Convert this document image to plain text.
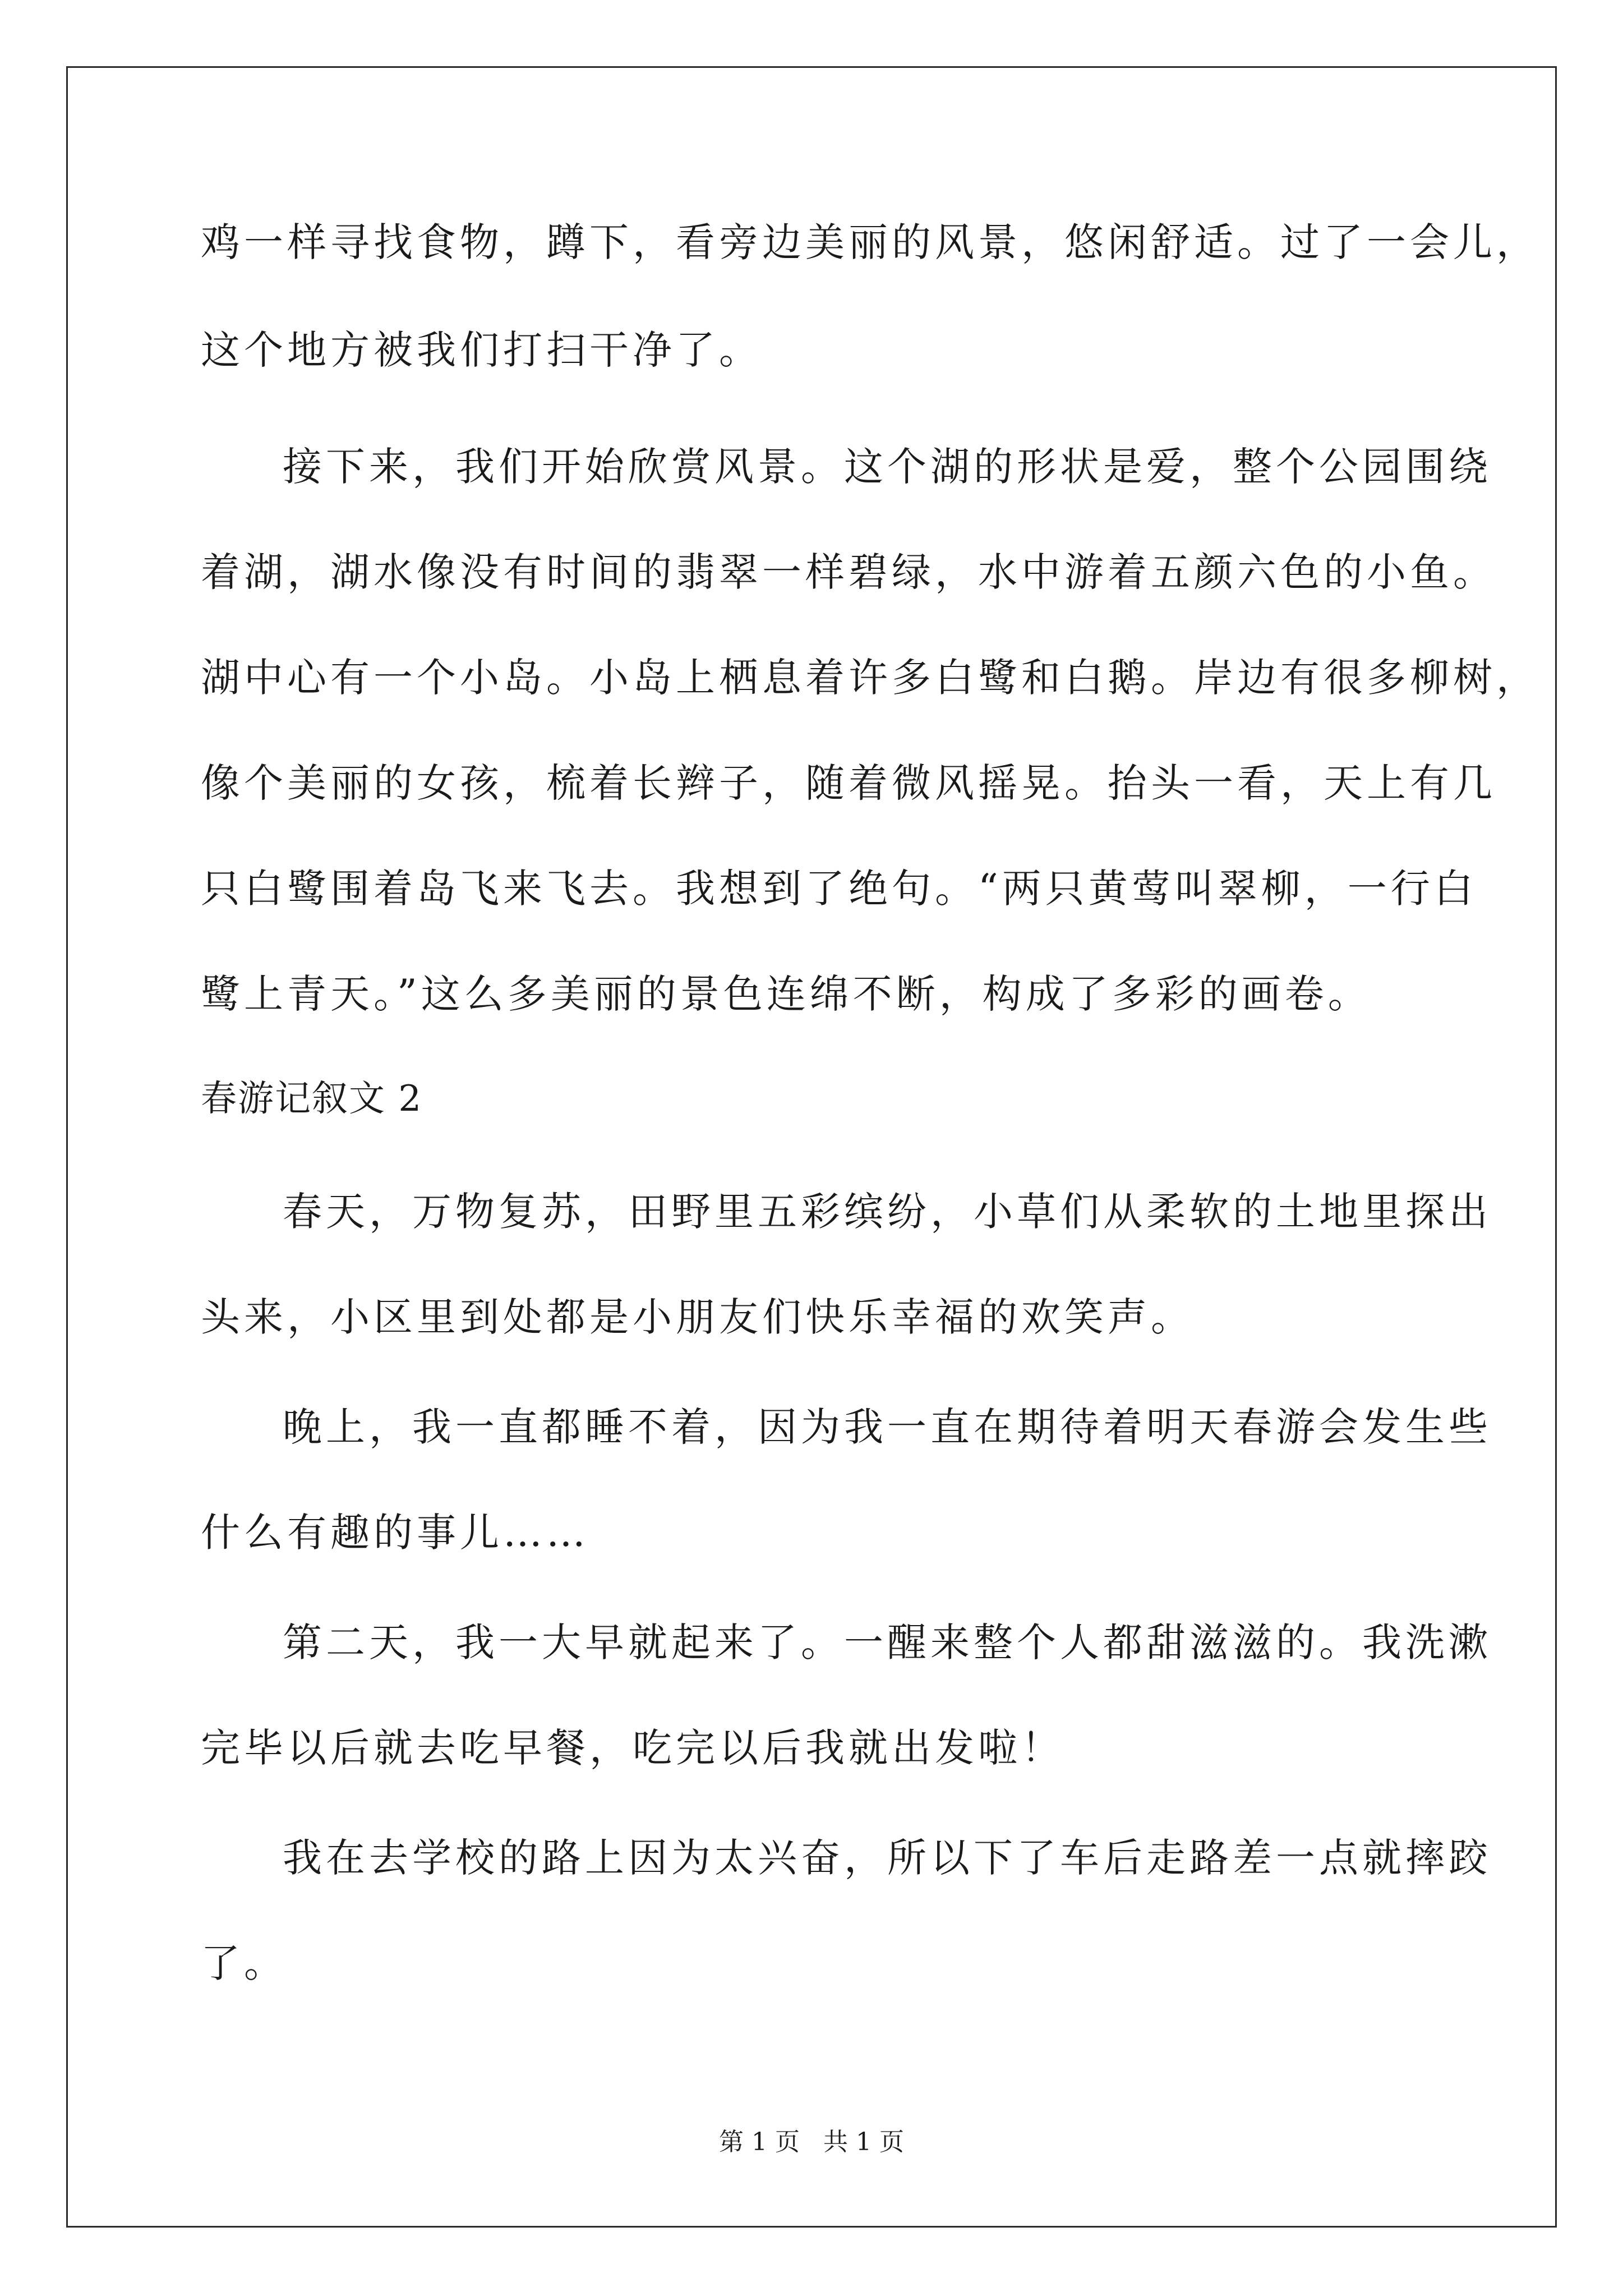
鸡一样寻找食物，蹲下，看旁边美丽的风景，悠闲舒适。过了一会儿，
这个地方被我们打扫干净了。
接下来，我们开始欣赏风景。这个湖的形状是爱，整个公园围绕
着湖，湖水像没有时间的翡翠一样碧绿，水中游着五颜六色的小鱼。
湖中心有一个小岛。小岛上栖息着许多白鹭和白鹅。岸边有很多柳树，
像个美丽的女孩，梳着长辫子，随着微风摇晃。抬头一看，天上有几
只白鹭围着岛飞来飞去。我想到了绝句。“两只黄莺叫翠柳，一行白
鹭上青天。”这么多美丽的景色连绵不断，构成了多彩的画卷。
春游记叙文 2
春天，万物复苏，田野里五彩缤纷，小草们从柔软的土地里探出
头来，小区里到处都是小朋友们快乐幸福的欢笑声。
晚上，我一直都睡不着，因为我一直在期待着明天春游会发生些
什么有趣的事儿……
第二天，我一大早就起来了。一醒来整个人都甜滋滋的。我洗漱
完毕以后就去吃早餐，吃完以后我就出发啦！
我在去学校的路上因为太兴奋，所以下了车后走路差一点就摔跤
了。
第 1 页   共 1 页
